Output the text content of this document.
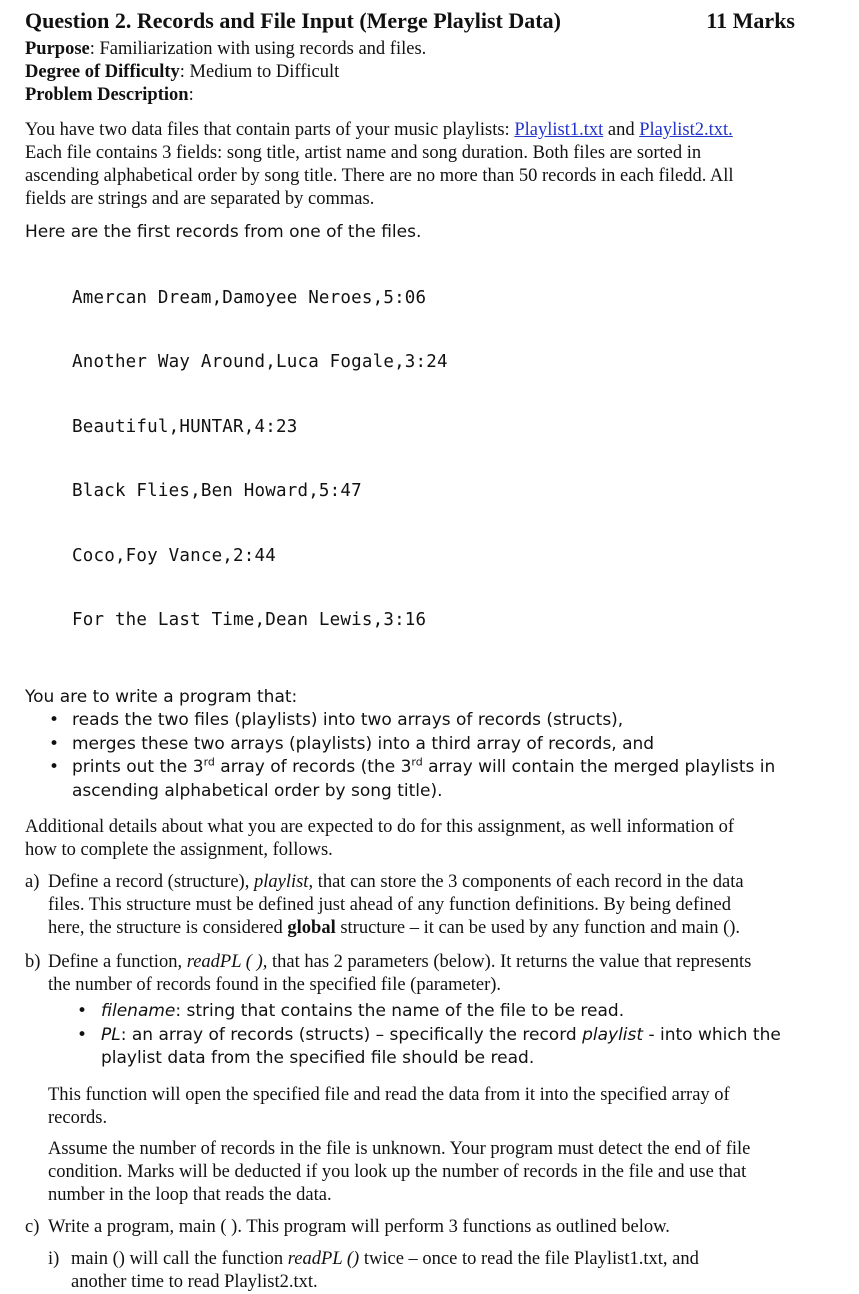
Question 2. Records and File Input (Merge Playlist Data)	11 Marks
Purpose: Familiarization with using records and files.
Degree of Difficulty: Medium to Difficult
Problem Description:
You have two data files that contain parts of your music playlists: Playlist1.txt and Playlist2.txt.
Each file contains 3 fields: song title, artist name and song duration. Both files are sorted in
ascending alphabetical order by song title. There are no more than 50 records in each filedd. All
fields are strings and are separated by commas.
Here are the first records from one of the files.

Amercan Dream,Damoyee Neroes,5:06

Another Way Around,Luca Fogale,3:24

Beautiful,HUNTAR,4:23

Black Flies,Ben Howard,5:47

Coco,Foy Vance,2:44

For the Last Time,Dean Lewis,3:16

You are to write a program that:
• reads the two files (playlists) into two arrays of records (structs),
• merges these two arrays (playlists) into a third array of records, and
• prints out the 3rd array of records (the 3rd array will contain the merged playlists in
ascending alphabetical order by song title).
Additional details about what you are expected to do for this assignment, as well information of
how to complete the assignment, follows.
a) Define a record (structure), playlist, that can store the 3 components of each record in the data
files. This structure must be defined just ahead of any function definitions. By being defined
here, the structure is considered global structure – it can be used by any function and main ().
b) Define a function, readPL ( ), that has 2 parameters (below). It returns the value that represents
the number of records found in the specified file (parameter).
• filename: string that contains the name of the file to be read.
• PL: an array of records (structs) – specifically the record playlist - into which the
playlist data from the specified file should be read.
This function will open the specified file and read the data from it into the specified array of
records.
Assume the number of records in the file is unknown. Your program must detect the end of file
condition. Marks will be deducted if you look up the number of records in the file and use that
number in the loop that reads the data.
c) Write a program, main ( ). This program will perform 3 functions as outlined below.
i) main () will call the function readPL () twice – once to read the file Playlist1.txt, and
another time to read Playlist2.txt.
